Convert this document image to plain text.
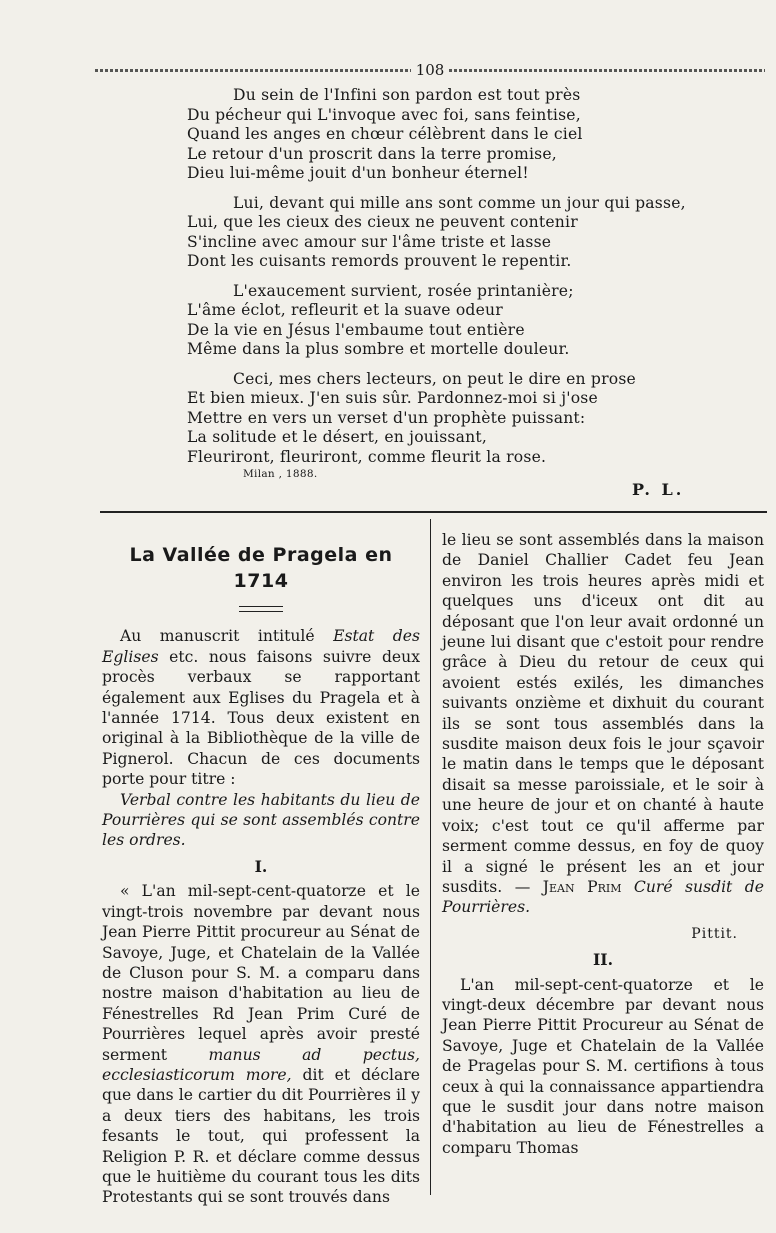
108
Du sein de l'Infini son pardon est tout près
Du pécheur qui L'invoque avec foi, sans feintise,
Quand les anges en chœur célèbrent dans le ciel
Le retour d'un proscrit dans la terre promise,
Dieu lui-même jouit d'un bonheur éternel!
Lui, devant qui mille ans sont comme un jour qui passe,
Lui, que les cieux des cieux ne peuvent contenir
S'incline avec amour sur l'âme triste et lasse
Dont les cuisants remords prouvent le repentir.
L'exaucement survient, rosée printanière;
L'âme éclot, refleurit et la suave odeur
De la vie en Jésus l'embaume tout entière
Même dans la plus sombre et mortelle douleur.
Ceci, mes chers lecteurs, on peut le dire en prose
Et bien mieux. J'en suis sûr. Pardonnez-moi si j'ose
Mettre en vers un verset d'un prophète puissant:
La solitude et le désert, en jouissant,
Fleuriront, fleuriront, comme fleurit la rose.
Milan , 1888.
P. L.
La Vallée de Pragela en 1714

Au manuscrit intitulé Estat des Eglises etc. nous faisons suivre deux procès verbaux se rapportant également aux Eglises du Pragela et à l'année 1714. Tous deux existent en original à la Bibliothèque de la ville de Pignerol. Chacun de ces documents porte pour titre :

Verbal contre les habitants du lieu de Pourrières qui se sont assemblés contre les ordres.

I.

« L'an mil-sept-cent-quatorze et le vingt-trois novembre par devant nous Jean Pierre Pittit procureur au Sénat de Savoye, Juge, et Chatelain de la Vallée de Cluson pour S. M. a comparu dans nostre maison d'habitation au lieu de Fénestrelles Rd Jean Prim Curé de Pourrières lequel après avoir presté serment manus ad pectus, ecclesiasticorum more, dit et déclare que dans le cartier du dit Pourrières il y a deux tiers des habitans, les trois fesants le tout, qui professent la Religion P. R. et déclare comme dessus que le huitième du courant tous les dits Protestants qui se sont trouvés dans

le lieu se sont assemblés dans la maison de Daniel Challier Cadet feu Jean environ les trois heures après midi et quelques uns d'iceux ont dit au déposant que l'on leur avait ordonné un jeune lui disant que c'estoit pour rendre grâce à Dieu du retour de ceux qui avoient estés exilés, les dimanches suivants onzième et dixhuit du courant ils se sont tous assemblés dans la susdite maison deux fois le jour sçavoir le matin dans le temps que le déposant disait sa messe paroissiale, et le soir à une heure de jour et on chanté à haute voix; c'est tout ce qu'il afferme par serment comme dessus, en foy de quoy il a signé le présent les an et jour susdits. — Jean Prim Curé susdit de Pourrières.

Pittit.
II.

L'an mil-sept-cent-quatorze et le vingt-deux décembre par devant nous Jean Pierre Pittit Procureur au Sénat de Savoye, Juge et Chatelain de la Vallée de Pragelas pour S. M. certifions à tous ceux à qui la connaissance appartiendra que le susdit jour dans notre maison d'habitation au lieu de Fénestrelles a comparu Thomas
